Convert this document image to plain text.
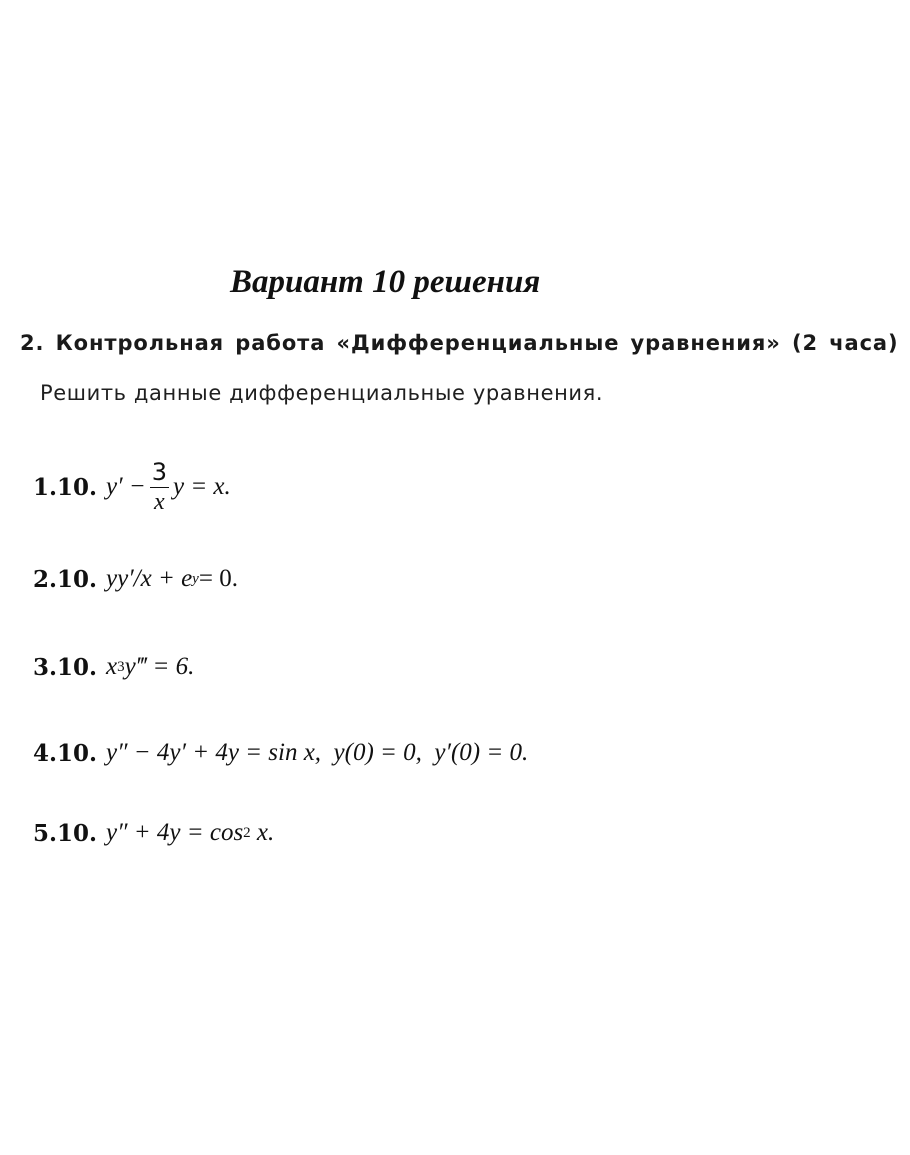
Вариант 10 решения
2. Контрольная работа «Дифференциальные уравнения» (2 часа)
Решить данные дифференциальные уравнения.
1.10. $y' - \frac{3}{x}$ y = x.
2.10. yy′/x + e y = 0.
3.10. x 3 y‴ = 6.
4.10. y″ − 4y′ + 4y = sin x,  y(0) = 0,  y′(0) = 0.
5.10. y″ + 4y = cos 2 x.
